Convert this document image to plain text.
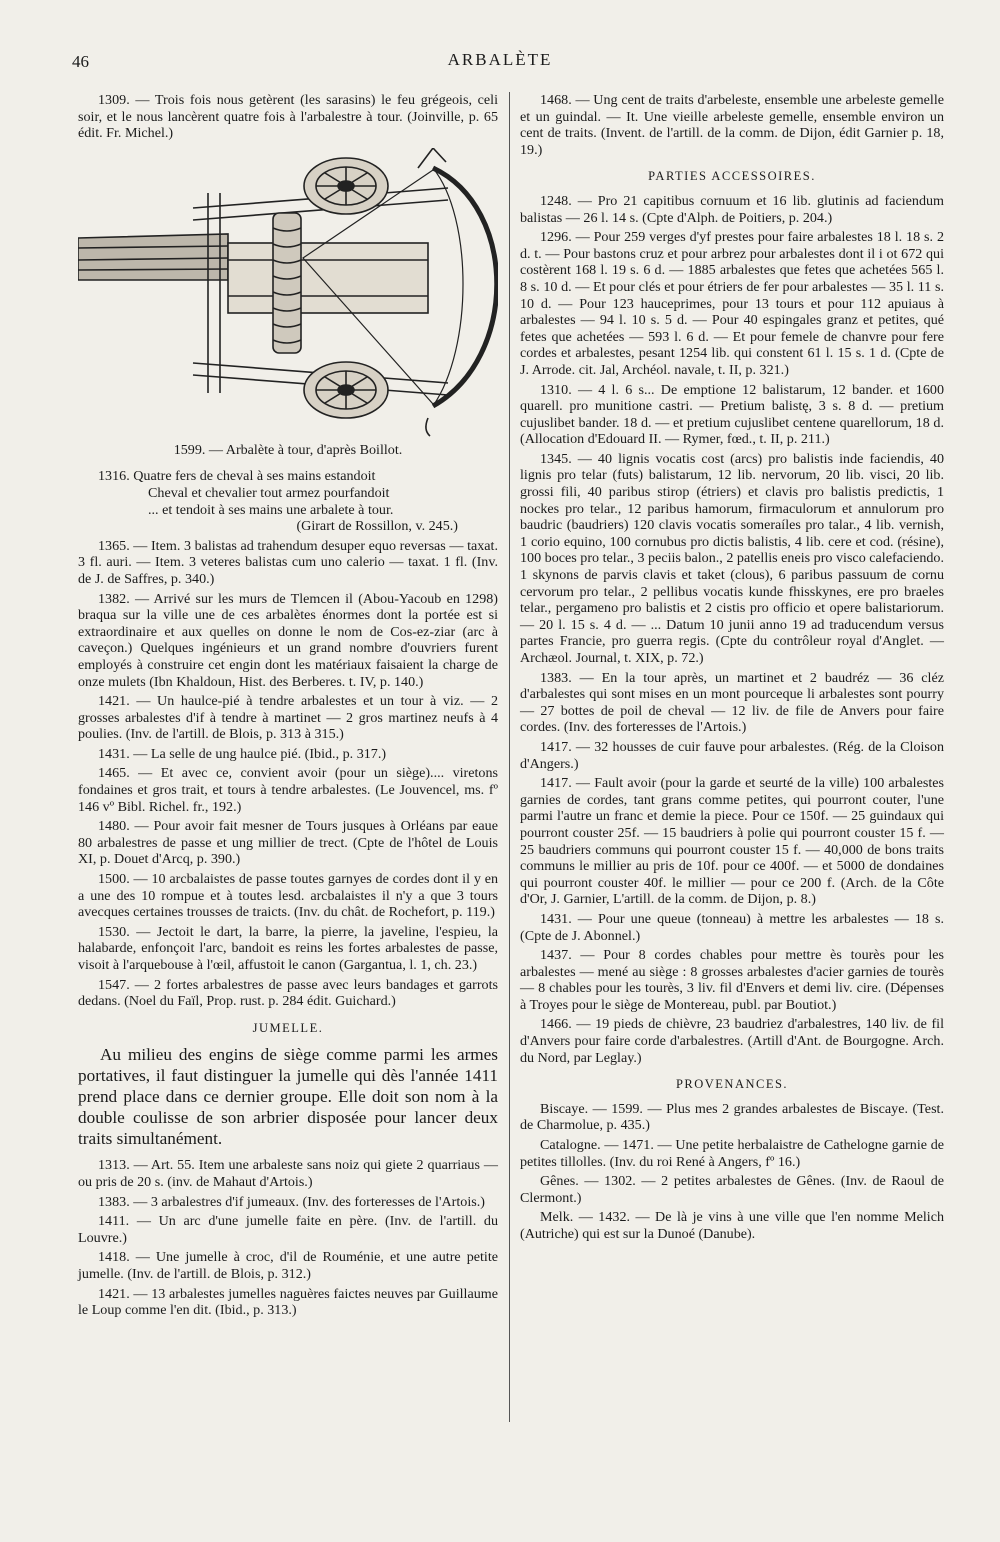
46	ARBALÈTE

1309. — Trois fois nous getèrent (les sarasins) le feu grégeois, celi soir, et le nous lancèrent quatre fois à l'arbalestre à tour. (Joinville, p. 65 édit. Fr. Michel.)

1599. — Arbalète à tour, d'après Boillot.

1316. Quatre fers de cheval à ses mains estandoit

Cheval et chevalier tout armez pourfandoit

... et tendoit à ses mains une arbalete à tour.

(Girart de Rossillon, v. 245.)

1365. — Item. 3 balistas ad trahendum desuper equo reversas — taxat. 3 fl. auri. — Item. 3 veteres balistas cum uno calerio — taxat. 1 fl. (Inv. de J. de Saffres, p. 340.)

1382. — Arrivé sur les murs de Tlemcen il (Abou-Yacoub en 1298) braqua sur la ville une de ces arbalètes énormes dont la portée est si extraordinaire et aux quelles on donne le nom de Cos-ez-ziar (arc à caveçon.) Quelques ingénieurs et un grand nombre d'ouvriers furent employés à construire cet engin dont les matériaux faisaient la charge de onze mulets (Ibn Khaldoun, Hist. des Berberes. t. IV, p. 140.)

1421. — Un haulce-pié à tendre arbalestes et un tour à viz. — 2 grosses arbalestes d'if à tendre à martinet — 2 gros martinez neufs à 4 poulies. (Inv. de l'artill. de Blois, p. 313 à 315.)

1431. — La selle de ung haulce pié. (Ibid., p. 317.)

1465. — Et avec ce, convient avoir (pour un siège).... viretons fondaines et gros trait, et tours à tendre arbalestes. (Le Jouvencel, ms. fº 146 vº Bibl. Richel. fr., 192.)

1480. — Pour avoir fait mesner de Tours jusques à Orléans par eaue 80 arbalestres de passe et ung millier de trect. (Cpte de l'hôtel de Louis XI, p. Douet d'Arcq, p. 390.)

1500. — 10 arcbalaistes de passe toutes garnyes de cordes dont il y en a une des 10 rompue et à toutes lesd. arcbalaistes il n'y a que 3 tours avecques certaines trousses de traicts. (Inv. du chât. de Rochefort, p. 119.)

1530. — Jectoit le dart, la barre, la pierre, la javeline, l'espieu, la halabarde, enfonçoit l'arc, bandoit es reins les fortes arbalestes de passe, visoit à l'arquebouse à l'œil, affustoit le canon (Gargantua, l. 1, ch. 23.)

1547. — 2 fortes arbalestres de passe avec leurs bandages et garrots dedans. (Noel du Faïl, Prop. rust. p. 284 édit. Guichard.)

JUMELLE.

Au milieu des engins de siège comme parmi les armes portatives, il faut distinguer la jumelle qui dès l'année 1411 prend place dans ce dernier groupe. Elle doit son nom à la double coulisse de son arbrier disposée pour lancer deux traits simultanément.

1313. — Art. 55. Item une arbaleste sans noiz qui giete 2 quarriaus — ou pris de 20 s. (inv. de Mahaut d'Artois.)

1383. — 3 arbalestres d'if jumeaux. (Inv. des forteresses de l'Artois.)

1411. — Un arc d'une jumelle faite en père. (Inv. de l'artill. du Louvre.)

1418. — Une jumelle à croc, d'il de Rouménie, et une autre petite jumelle. (Inv. de l'artill. de Blois, p. 312.)

1421. — 13 arbalestes jumelles naguères faictes neuves par Guillaume le Loup comme l'en dit. (Ibid., p. 313.)

1468. — Ung cent de traits d'arbeleste, ensemble une arbeleste gemelle et un guindal. — It. Une vieille arbeleste gemelle, ensemble environ un cent de traits. (Invent. de l'artill. de la comm. de Dijon, édit Garnier p. 18, 19.)

PARTIES ACCESSOIRES.

1248. — Pro 21 capitibus cornuum et 16 lib. glutinis ad faciendum balistas — 26 l. 14 s. (Cpte d'Alph. de Poitiers, p. 204.)

1296. — Pour 259 verges d'yf prestes pour faire arbalestes 18 l. 18 s. 2 d. t. — Pour bastons cruz et pour arbrez pour arbalestes dont il i ot 672 qui costèrent 168 l. 19 s. 6 d. — 1885 arbalestes que fetes que achetées 565 l. 8 s. 10 d. — Et pour clés et pour étriers de fer pour arbalestes — 35 l. 11 s. 10 d. — Pour 123 hauceprimes, pour 13 tours et pour 112 apuiaus à arbalestes — 94 l. 10 s. 5 d. — Pour 40 espingales granz et petites, qué fetes que achetées — 593 l. 6 d. — Et pour femele de chanvre pour fere cordes et arbalestes, pesant 1254 lib. qui constent 61 l. 15 s. 1 d. (Cpte de J. Arrode. cit. Jal, Archéol. navale, t. II, p. 321.)

1310. — 4 l. 6 s... De emptione 12 balistarum, 12 bander. et 1600 quarell. pro munitione castri. — Pretium balistę, 3 s. 8 d. — pretium cujuslibet bander. 18 d. — et pretium cujuslibet centene quarellorum, 18 d. (Allocation d'Edouard II. — Rymer, fœd., t. II, p. 211.)

1345. — 40 lignis vocatis cost (arcs) pro balistis inde faciendis, 40 lignis pro telar (futs) balistarum, 12 lib. nervorum, 20 lib. visci, 20 lib. grossi fili, 40 paribus stirop (étriers) et clavis pro balistis predictis, 1 nockes pro telar., 12 paribus hamorum, firmaculorum et annulorum pro baudric (baudriers) 120 clavis vocatis someraíles pro talar., 4 lib. vernish, 1 corio equino, 100 cornubus pro dictis balistis, 4 lib. cere et cod. (résine), 100 boces pro telar., 3 peciis balon., 2 patellis eneis pro visco calefaciendo. 1 skynons de parvis clavis et taket (clous), 6 paribus passuum de cornu cervorum pro telar., 2 pellibus vocatis kunde fhisskynes, ere pro braeles telar., pergameno pro balistis et 2 cistis pro officio et opere balistariorum. — 20 l. 15 s. 4 d. — ... Datum 10 junii anno 19 ad traducendum versus partes Francie, pro guerra regis. (Cpte du contrôleur royal d'Anglet. — Archæol. Journal, t. XIX, p. 72.)

1383. — En la tour après, un martinet et 2 baudréz — 36 cléz d'arbalestes qui sont mises en un mont pourceque li arbalestes sont pourry — 27 bottes de poil de cheval — 12 liv. de file de Anvers pour faire cordes. (Inv. des forteresses de l'Artois.)

1417. — 32 housses de cuir fauve pour arbalestes. (Rég. de la Cloison d'Angers.)

1417. — Fault avoir (pour la garde et seurté de la ville) 100 arbalestes garnies de cordes, tant grans comme petites, qui pourront couter, l'une parmi l'autre un franc et demie la piece. Pour ce 150f. — 25 guindaux qui pourront couster 25f. — 15 baudriers à polie qui pourront couster 15 f. — 25 baudriers communs qui pourront couster 15 f. — 40,000 de bons traits communs le millier au pris de 10f. pour ce 400f. — et 5000 de dondaines qui pourront couster 40f. le millier — pour ce 200 f. (Arch. de la Côte d'Or, J. Garnier, L'artill. de la comm. de Dijon, p. 8.)

1431. — Pour une queue (tonneau) à mettre les arbalestes — 18 s. (Cpte de J. Abonnel.)

1437. — Pour 8 cordes chables pour mettre ès tourès pour les arbalestes — mené au siège : 8 grosses arbalestes d'acier garnies de tourès — 8 chables pour les tourès, 3 liv. fil d'Envers et demi liv. cire. (Dépenses à Troyes pour le siège de Montereau, publ. par Boutiot.)

1466. — 19 pieds de chièvre, 23 baudriez d'arbalestres, 140 liv. de fil d'Anvers pour faire corde d'arbalestres. (Artill d'Ant. de Bourgogne. Arch. du Nord, par Leglay.)

PROVENANCES.

Biscaye. — 1599. — Plus mes 2 grandes arbalestes de Biscaye. (Test. de Charmolue, p. 435.)

Catalogne. — 1471. — Une petite herbalaistre de Cathelogne garnie de petites tillolles. (Inv. du roi René à Angers, fº 16.)

Gênes. — 1302. — 2 petites arbalestes de Gênes. (Inv. de Raoul de Clermont.)

Melk. — 1432. — De là je vins à une ville que l'en nomme Melich (Autriche) qui est sur la Dunoé (Danube).
